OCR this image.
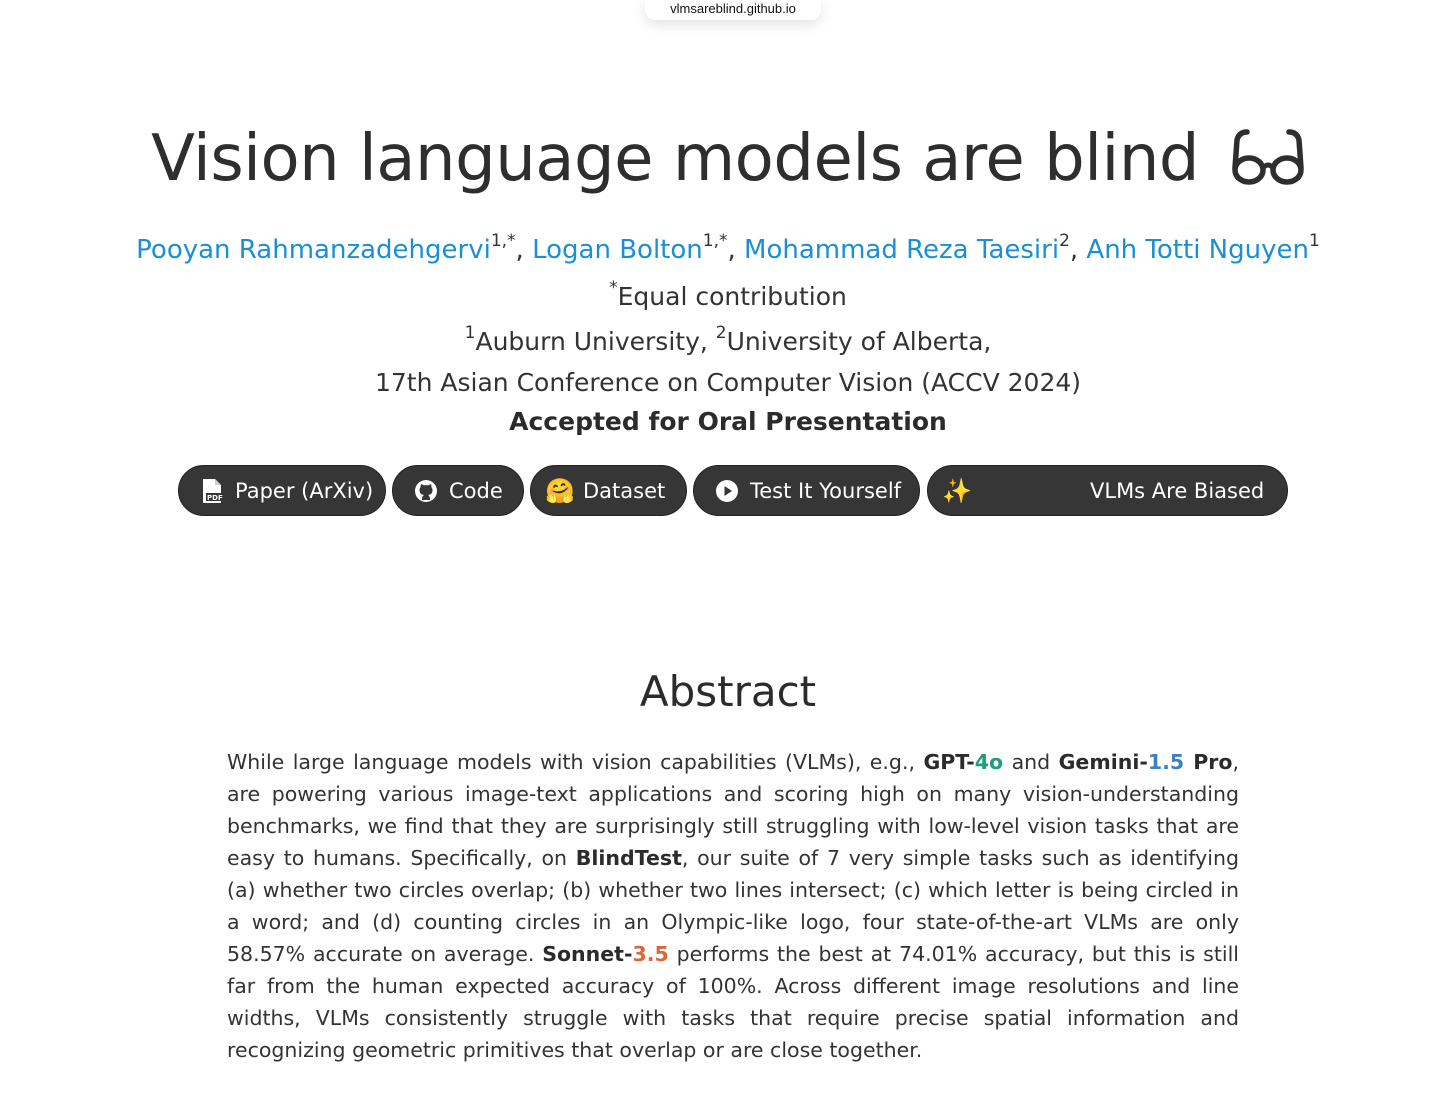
vlmsareblind.github.io
Vision language models are blind
Pooyan Rahmanzadehgervi$^{1,*}$, Logan Bolton$^{1,*}$, Mohammad Reza Taesiri$^2$, Anh Totti Nguyen$^1$
*Equal contribution
$^1$Auburn University, $^2$University of Alberta,
17th Asian Conference on Computer Vision (ACCV 2024)
Accepted for Oral Presentation
PDF Paper (ArXiv)	Code 🤗 Dataset	Test It Yourself ✨	VLMs Are Biased
Abstract

While large language models with vision capabilities (VLMs), e.g., GPT-4o and Gemini-1.5 Pro, are powering various image-text applications and scoring high on many vision-understanding benchmarks, we find that they are surprisingly still struggling with low-level vision tasks that are easy to humans. Specifically, on BlindTest, our suite of 7 very simple tasks such as identifying (a) whether two circles overlap; (b) whether two lines intersect; (c) which letter is being circled in a word; and (d) counting circles in an Olympic-like logo, four state-of-the-art VLMs are only 58.57% accurate on average. Sonnet-3.5 performs the best at 74.01% accuracy, but this is still far from the human expected accuracy of 100%. Across different image resolutions and line widths, VLMs consistently struggle with tasks that require precise spatial information and recognizing geometric primitives that overlap or are close together.
